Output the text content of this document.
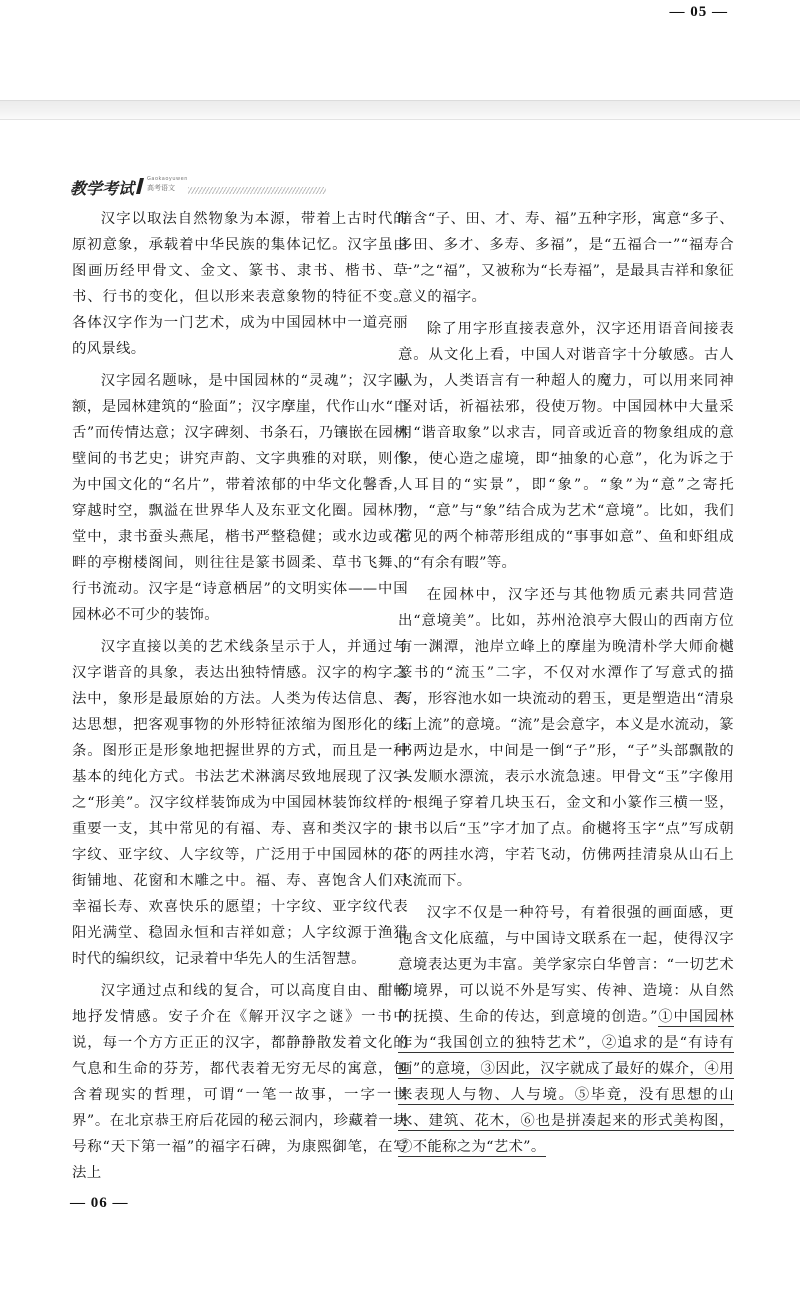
— 05 —
教学考试	Gaokaoyuwen
高考语文

汉字以取法自然物象为本源，带着上古时代的原初意象，承载着中华民族的集体记忆。汉字虽由图画历经甲骨文、金文、篆书、隶书、楷书、草书、行书的变化，但以形来表意象物的特征不变。各体汉字作为一门艺术，成为中国园林中一道亮丽的风景线。

汉字园名题咏，是中国园林的“灵魂”；汉字匾额，是园林建筑的“脸面”；汉字摩崖，代作山水“口舌”而传情达意；汉字碑刻、书条石，乃镶嵌在园林壁间的书艺史；讲究声韵、文字典雅的对联，则作为中国文化的“名片”，带着浓郁的中华文化馨香，穿越时空，飘溢在世界华人及东亚文化圈。园林厅堂中，隶书蚕头燕尾，楷书严整稳健；或水边或花畔的亭榭楼阁间，则往往是篆书圆柔、草书飞舞、行书流动。汉字是“诗意栖居”的文明实体——中国园林必不可少的装饰。

汉字直接以美的艺术线条呈示于人，并通过与汉字谐音的具象，表达出独特情感。汉字的构字之法中，象形是最原始的方法。人类为传达信息、表达思想，把客观事物的外形特征浓缩为图形化的线条。图形正是形象地把握世界的方式，而且是一种基本的纯化方式。书法艺术淋漓尽致地展现了汉字之“形美”。汉字纹样装饰成为中国园林装饰纹样的重要一支，其中常见的有福、寿、喜和类汉字的十字纹、亚字纹、人字纹等，广泛用于中国园林的花街铺地、花窗和木雕之中。福、寿、喜饱含人们对幸福长寿、欢喜快乐的愿望；十字纹、亚字纹代表阳光满堂、稳固永恒和吉祥如意；人字纹源于渔猎时代的编织纹，记录着中华先人的生活智慧。

汉字通过点和线的复合，可以高度自由、酣畅地抒发情感。安子介在《解开汉字之谜》一书中说，每一个方方正正的汉字，都静静散发着文化的气息和生命的芬芳，都代表着无穷无尽的寓意，包含着现实的哲理，可谓“一笔一故事，一字一世界”。在北京恭王府后花园的秘云洞内，珍藏着一块号称“天下第一福”的福字石碑，为康熙御笔，在写法上

暗含“子、田、才、寿、福”五种字形，寓意“多子、多田、多才、多寿、多福”，是“五福合一”“福寿合一”之“福”，又被称为“长寿福”，是最具吉祥和象征意义的福字。

除了用字形直接表意外，汉字还用语音间接表意。从文化上看，中国人对谐音字十分敏感。古人认为，人类语言有一种超人的魔力，可以用来同神怪对话，祈福祛邪，役使万物。中国园林中大量采用“谐音取象”以求吉，同音或近音的物象组成的意象，使心造之虚境，即“抽象的心意”，化为诉之于人耳目的“实景”，即“象”。“象”为“意”之寄托物，“意”与“象”结合成为艺术“意境”。比如，我们常见的两个柿蒂形组成的“事事如意”、鱼和虾组成的“有余有暇”等。

在园林中，汉字还与其他物质元素共同营造出“意境美”。比如，苏州沧浪亭大假山的西南方位有一渊潭，池岸立峰上的摩崖为晚清朴学大师俞樾篆书的“流玉”二字，不仅对水潭作了写意式的描写，形容池水如一块流动的碧玉，更是塑造出“清泉石上流”的意境。“流”是会意字，本义是水流动，篆书两边是水，中间是一倒“子”形，“子”头部飘散的头发顺水漂流，表示水流急速。甲骨文“玉”字像用一根绳子穿着几块玉石，金文和小篆作三横一竖，隶书以后“玉”字才加了点。俞樾将玉字“点”写成朝下的两挂水湾，宇若飞动，仿佛两挂清泉从山石上飞流而下。

汉字不仅是一种符号，有着很强的画面感，更饱含文化底蕴，与中国诗文联系在一起，使得汉字意境表达更为丰富。美学家宗白华曾言：“一切艺术的境界，可以说不外是写实、传神、造境：从自然的抚摸、生命的传达，到意境的创造。”①中国园林作为“我国创立的独特艺术”，②追求的是“有诗有画”的意境，③因此，汉字就成了最好的媒介，④用来表现人与物、人与境。⑤毕竟，没有思想的山水、建筑、花木，⑥也是拼凑起来的形式美构图，⑦不能称之为“艺术”。

— 06 —
